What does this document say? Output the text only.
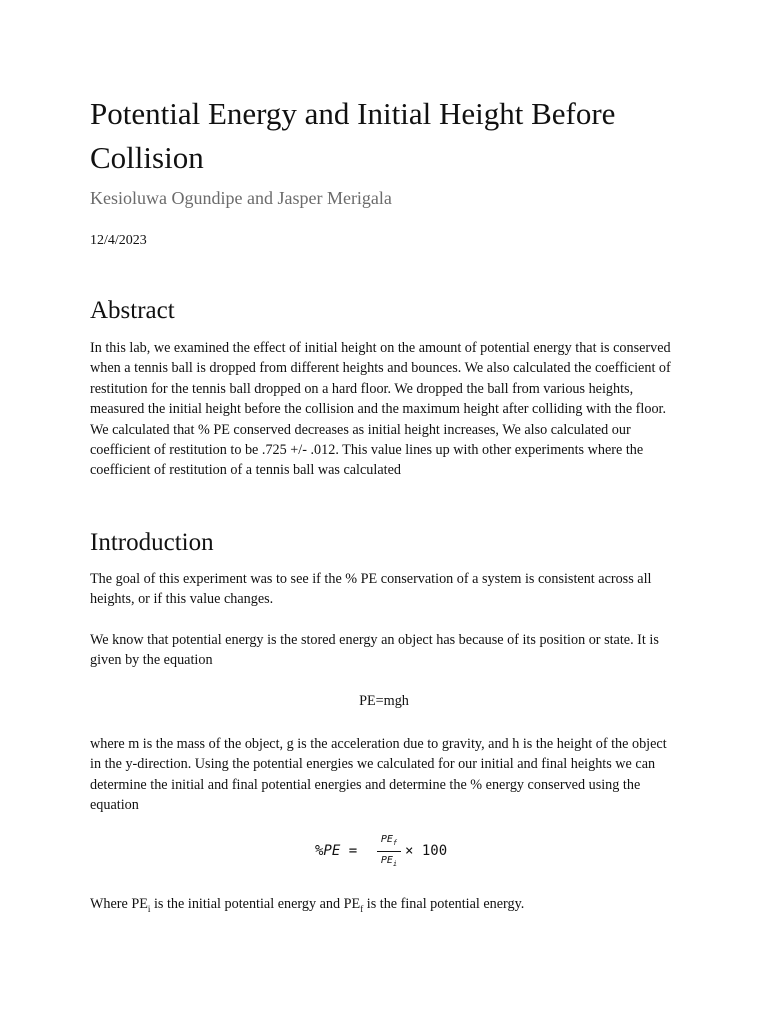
Potential Energy and Initial Height Before Collision

Kesioluwa Ogundipe and Jasper Merigala

12/4/2023

Abstract

In this lab, we examined the effect of initial height on the amount of potential energy that is conserved when a tennis ball is dropped from different heights and bounces. We also calculated the coefficient of restitution for the tennis ball dropped on a hard floor. We dropped the ball from various heights, measured the initial height before the collision and the maximum height after colliding with the floor. We calculated that % PE conserved decreases as initial height increases, We also calculated our coefficient of restitution to be .725 +/- .012. This value lines up with other experiments where the coefficient of restitution of a tennis ball was calculated

Introduction

The goal of this experiment was to see if the % PE conservation of a system is consistent across all heights, or if this value changes.

We know that potential energy is the stored energy an object has because of its position or state. It is given by the equation

PE=mgh

where m is the mass of the object, g is the acceleration due to gravity, and h is the height of the object in the y-direction. Using the potential energies we calculated for our initial and final heights we can determine the initial and final potential energies and determine the % energy conserved using the equation

%PE =
$PE_f$
$PE_i$
× 100

Where $PE_i$ is the initial potential energy and $PE_f$ is the final potential energy.
